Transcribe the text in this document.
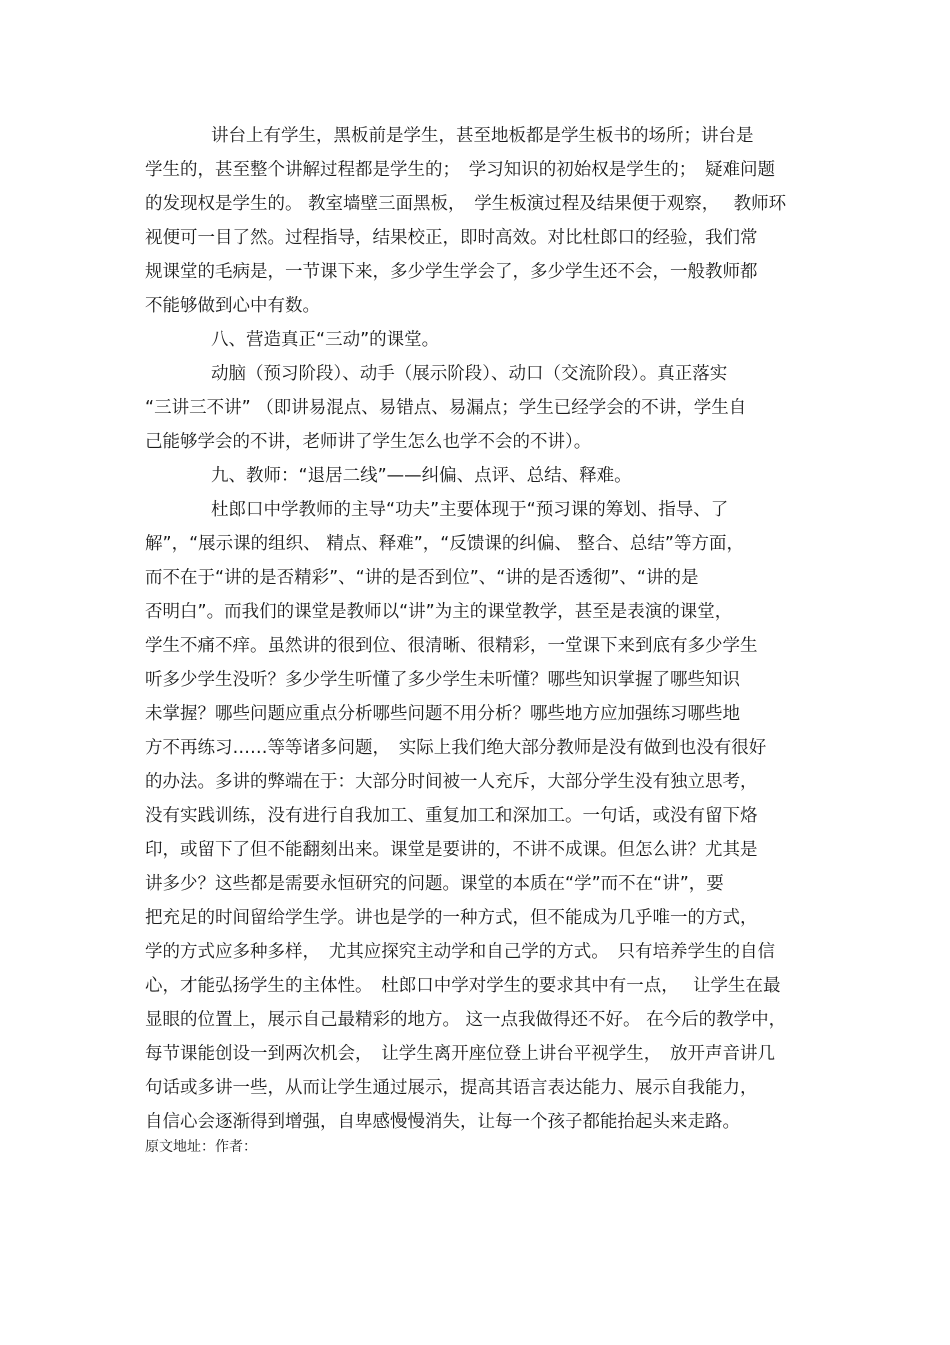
讲台上有学生，黑板前是学生，甚至地板都是学生板书的场所；讲台是
学生的，甚至整个讲解过程都是学生的；　学习知识的初始权是学生的；　疑难问题
的发现权是学生的。 教室墙壁三面黑板，　学生板演过程及结果便于观察，　 教师环
视便可一目了然。过程指导，结果校正，即时高效。对比杜郎口的经验，我们常
规课堂的毛病是，一节课下来，多少学生学会了，多少学生还不会，一般教师都
不能够做到心中有数。
八、营造真正“三动”的课堂。
动脑（预习阶段）、动手（展示阶段）、动口（交流阶段）。真正落实
“三讲三不讲” （即讲易混点、易错点、易漏点；学生已经学会的不讲，学生自
己能够学会的不讲，老师讲了学生怎么也学不会的不讲）。
九、教师：“退居二线”——纠偏、点评、总结、释难。
杜郎口中学教师的主导“功夫”主要体现于“预习课的筹划、指导、了
解”，“展示课的组织、 精点、释难”，“反馈课的纠偏、 整合、总结”等方面，
而不在于“讲的是否精彩”、“讲的是否到位”、“讲的是否透彻”、“讲的是
否明白”。而我们的课堂是教师以“讲”为主的课堂教学，甚至是表演的课堂，
学生不痛不痒。虽然讲的很到位、很清晰、很精彩，一堂课下来到底有多少学生
听多少学生没听？多少学生听懂了多少学生未听懂？哪些知识掌握了哪些知识
未掌握？哪些问题应重点分析哪些问题不用分析？哪些地方应加强练习哪些地
方不再练习……等等诸多问题，　实际上我们绝大部分教师是没有做到也没有很好
的办法。多讲的弊端在于：大部分时间被一人充斥，大部分学生没有独立思考，
没有实践训练，没有进行自我加工、重复加工和深加工。一句话，或没有留下烙
印，或留下了但不能翻刻出来。课堂是要讲的，不讲不成课。但怎么讲？尤其是
讲多少？这些都是需要永恒研究的问题。课堂的本质在“学”而不在“讲”，要
把充足的时间留给学生学。讲也是学的一种方式，但不能成为几乎唯一的方式，
学的方式应多种多样，　尤其应探究主动学和自己学的方式。　只有培养学生的自信
心，才能弘扬学生的主体性。　杜郎口中学对学生的要求其中有一点，　 让学生在最
显眼的位置上，展示自己最精彩的地方。 这一点我做得还不好。 在今后的教学中，
每节课能创设一到两次机会，　让学生离开座位登上讲台平视学生，　放开声音讲几
句话或多讲一些，从而让学生通过展示，提高其语言表达能力、展示自我能力，
自信心会逐渐得到增强，自卑感慢慢消失，让每一个孩子都能抬起头来走路。
原文地址：作者：
